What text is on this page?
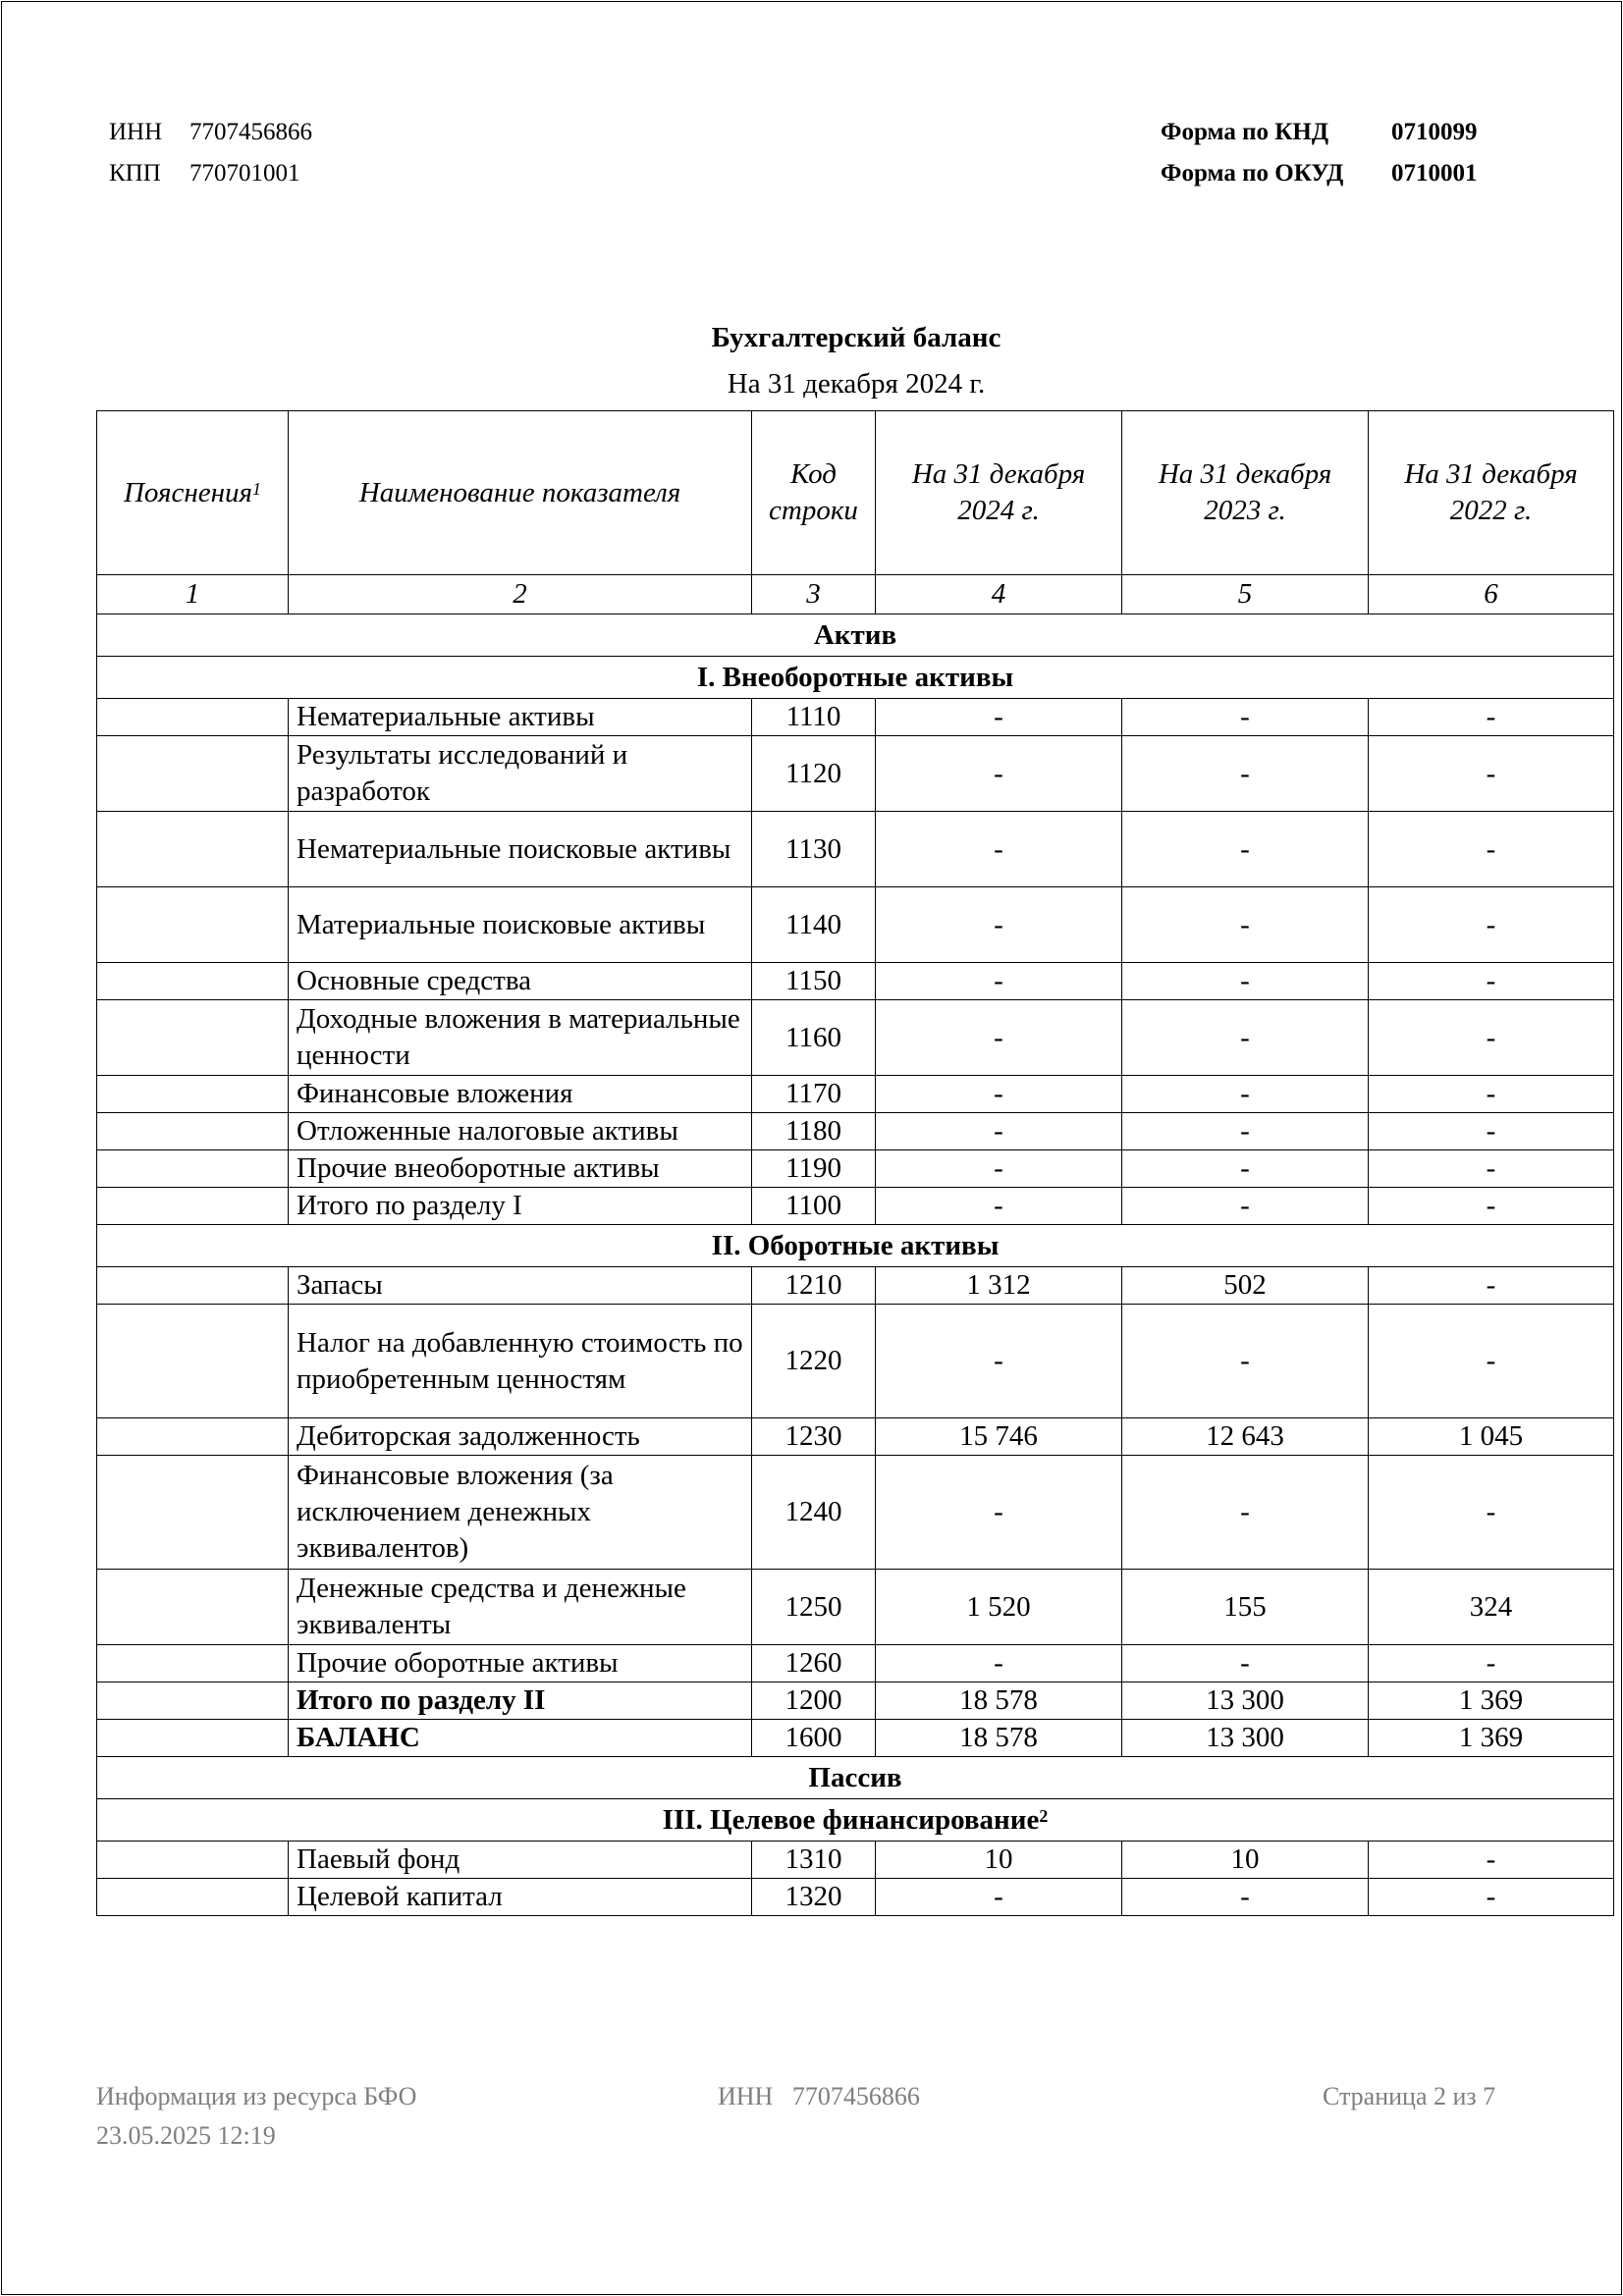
ИНН	7707456866
КПП	770701001
Форма по КНД	0710099
Форма по ОКУД	0710001
Бухгалтерский баланс
На 31 декабря 2024 г.
Пояснения$^1$	Наименование показателя	Код строки	На 31 декабря 2024 г.	На 31 декабря 2023 г.	На 31 декабря 2022 г.
1	2	3	4	5	6
Актив					
I. Внеоборотные активы					
	Нематериальные активы	1110	-	-	-
	Результаты исследований и разработок	1120	-	-	-
	Нематериальные поисковые активы	1130	-	-	-
	Материальные поисковые активы	1140	-	-	-
	Основные средства	1150	-	-	-
	Доходные вложения в материальные ценности	1160	-	-	-
	Финансовые вложения	1170	-	-	-
	Отложенные налоговые активы	1180	-	-	-
	Прочие внеоборотные активы	1190	-	-	-
	Итого по разделу I	1100	-	-	-
II. Оборотные активы					
	Запасы	1210	1 312	502	-
	Налог на добавленную стоимость по приобретенным ценностям	1220	-	-	-
	Дебиторская задолженность	1230	15 746	12 643	1 045
	Финансовые вложения (за исключением денежных эквивалентов)	1240	-	-	-
	Денежные средства и денежные эквиваленты	1250	1 520	155	324
	Прочие оборотные активы	1260	-	-	-
	Итого по разделу II	1200	18 578	13 300	1 369
	БАЛАНС	1600	18 578	13 300	1 369
Пассив					
III. Целевое финансирование$^2$
	Паевый фонд	1310	10	10	-
	Целевой капитал	1320	-	-	-
Информация из ресурса БФО
23.05.2025 12:19
ИНН 7707456866	Страница 2 из 7
